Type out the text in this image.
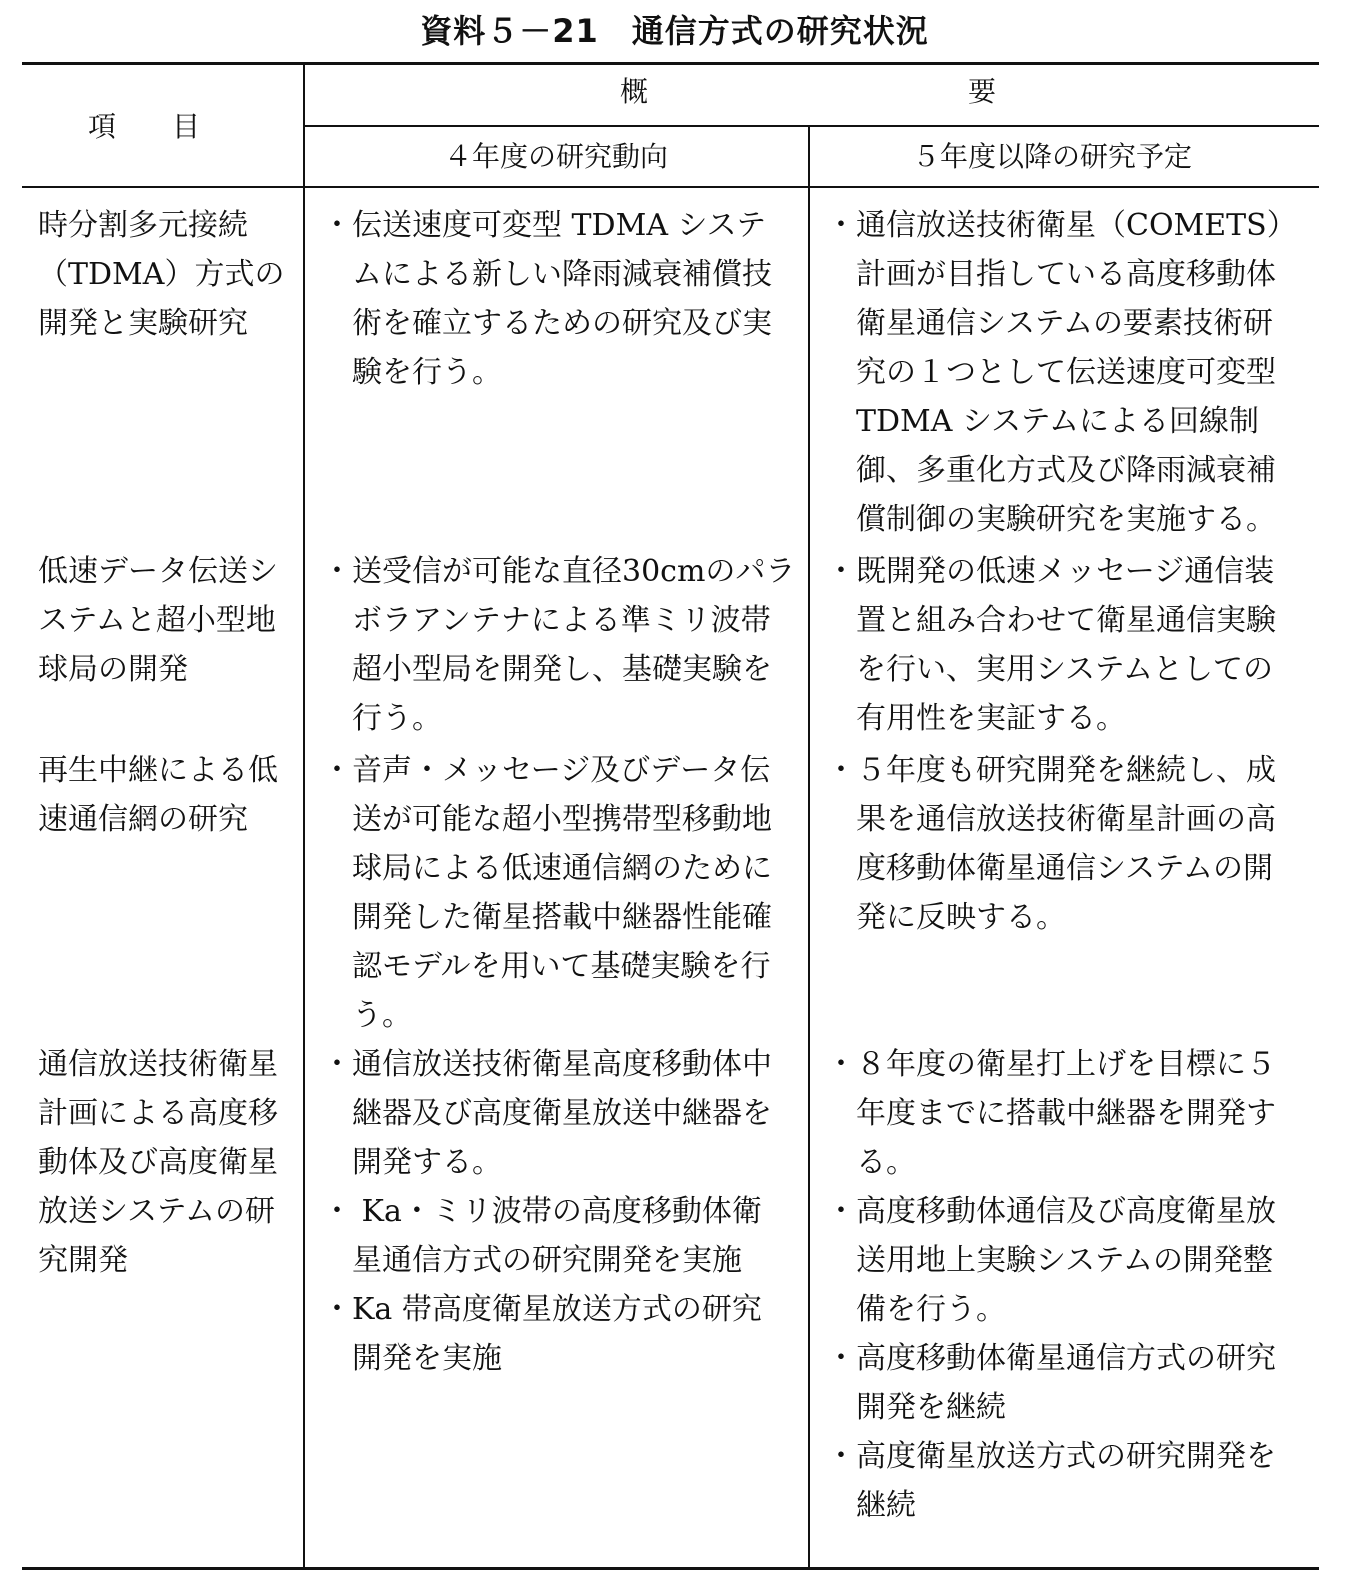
資料５－21　通信方式の研究状況
項　　目
概	要
４年度の研究動向	５年度以降の研究予定
時分割多元接続
（TDMA）方式の
開発と実験研究
・伝送速度可変型 TDMA システ
　ムによる新しい降雨減衰補償技
　術を確立するための研究及び実
　験を行う。
・通信放送技術衛星（COMETS）
　計画が目指している高度移動体
　衛星通信システムの要素技術研
　究の１つとして伝送速度可変型
　TDMA システムによる回線制
　御、多重化方式及び降雨減衰補
　償制御の実験研究を実施する。
低速データ伝送シ
ステムと超小型地
球局の開発
・送受信が可能な直径30cmのパラ
　ボラアンテナによる準ミリ波帯
　超小型局を開発し、基礎実験を
　行う。
・既開発の低速メッセージ通信装
　置と組み合わせて衛星通信実験
　を行い、実用システムとしての
　有用性を実証する。
再生中継による低
速通信網の研究
・音声・メッセージ及びデータ伝
　送が可能な超小型携帯型移動地
　球局による低速通信網のために
　開発した衛星搭載中継器性能確
　認モデルを用いて基礎実験を行
　う。
・５年度も研究開発を継続し、成
　果を通信放送技術衛星計画の高
　度移動体衛星通信システムの開
　発に反映する。
通信放送技術衛星
計画による高度移
動体及び高度衛星
放送システムの研
究開発
・通信放送技術衛星高度移動体中
　継器及び高度衛星放送中継器を
　開発する。
・ Ka・ミリ波帯の高度移動体衛
　星通信方式の研究開発を実施
・Ka 帯高度衛星放送方式の研究
　開発を実施
・８年度の衛星打上げを目標に５
　年度までに搭載中継器を開発す
　る。
・高度移動体通信及び高度衛星放
　送用地上実験システムの開発整
　備を行う。
・高度移動体衛星通信方式の研究
　開発を継続
・高度衛星放送方式の研究開発を
　継続
